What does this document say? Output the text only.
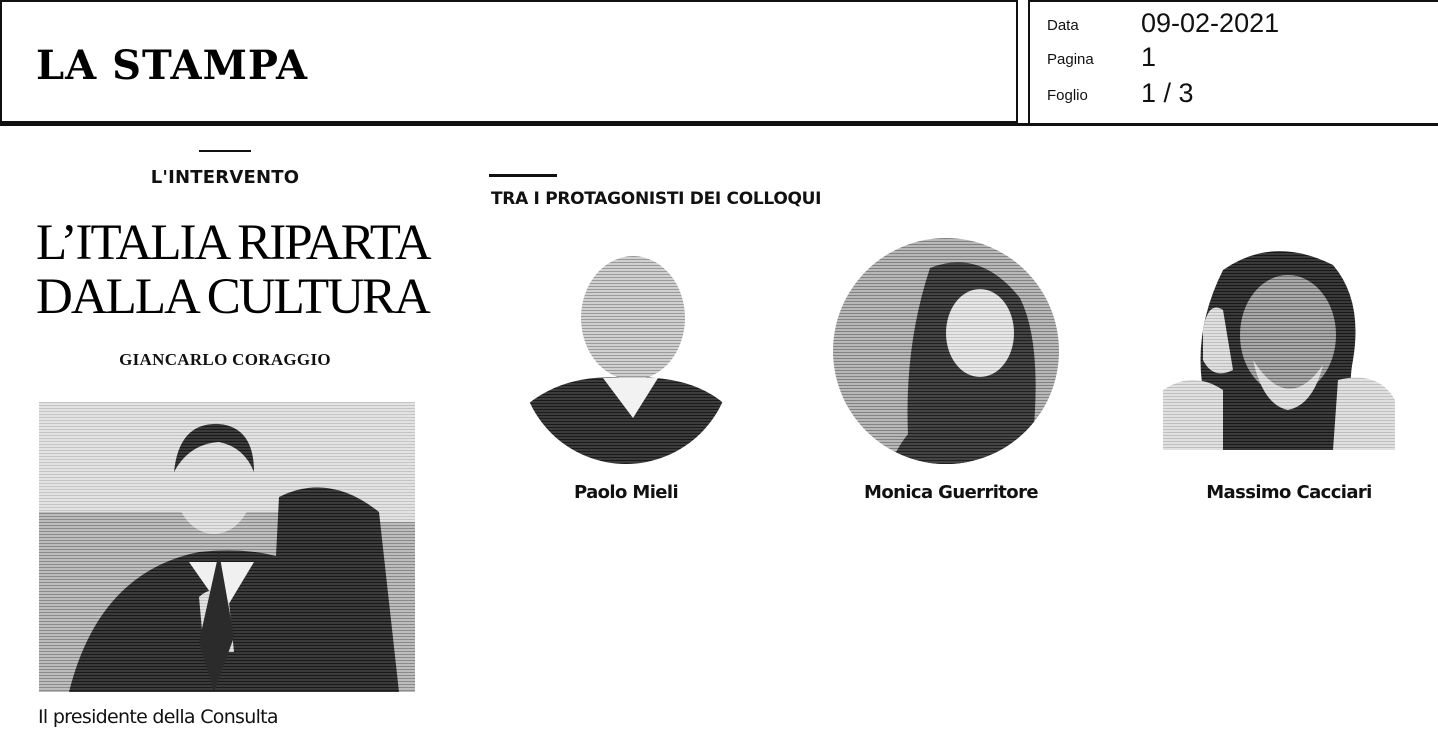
LA STAMPA
Data	09-02-2021
Pagina	1
Foglio	1 / 3
L'INTERVENTO
L’ITALIA RIPARTA
DALLA CULTURA
GIANCARLO CORAGGIO
Il presidente della Consulta
TRA I PROTAGONISTI DEI COLLOQUI
Paolo Mieli	Monica Guerritore	Massimo Cacciari
